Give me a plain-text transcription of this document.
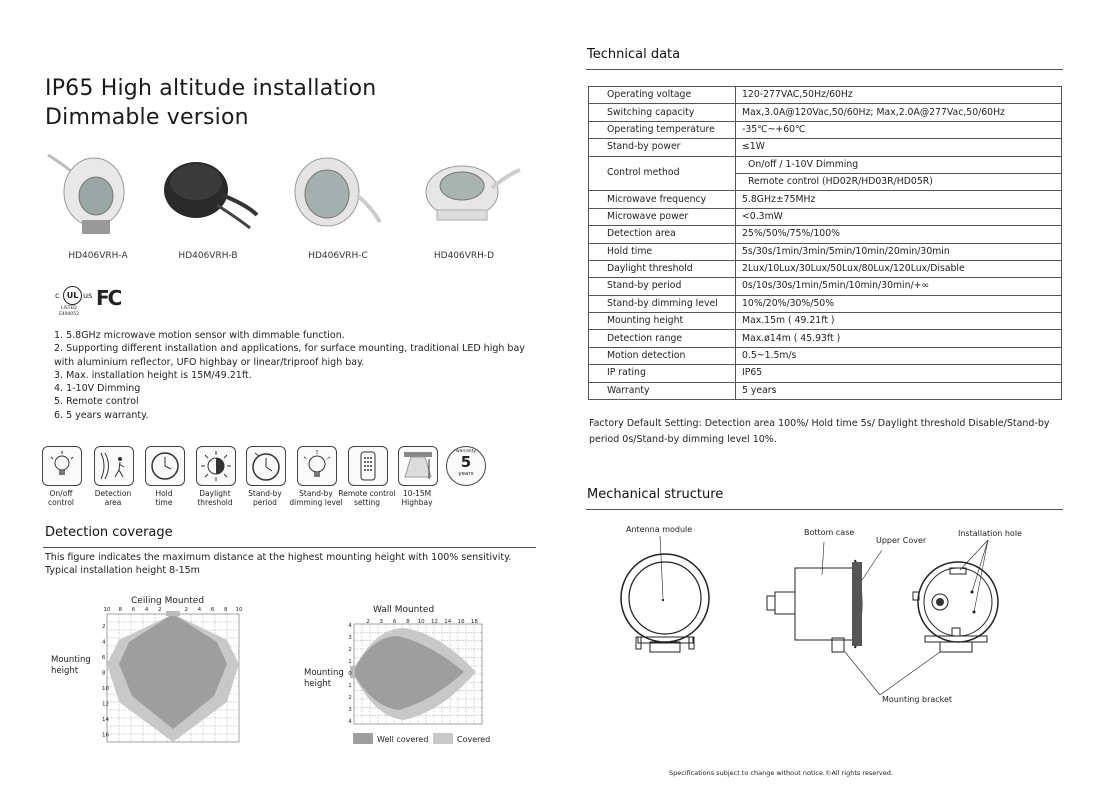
IP65 High altitude installation
Dimmable version
HD406VRH-A	HD406VRH-B	HD406VRH-C	HD406VRH-D
c UL us
LISTED
E494052
FC
1. 5.8GHz microwave motion sensor with dimmable function.
2. Supporting different installation and applications, for surface mounting, traditional LED high bay with aluminium reflector, UFO highbay or linear/triproof high bay.
3. Max. installation height is 15M/49.21ft.
4. 1-10V Dimming
5. Remote control
6. 5 years warranty.
On/off
control
Detection
area
Hold
time
Daylight
threshold
Stand-by
period
Stand-by
dimming level
Remote control
setting
10-15M
Highbay
warranty
5
years
Detection coverage
This figure indicates the maximum distance at the highest mounting height with 100% sensitivity.
Typical installation height 8-15m
Ceiling Mounted
Mounting
height
10 8 6 4 2	2 4 6 8 10
2
4
6
8
10
12
14
16
Wall Mounted
Mounting
height
2 3 6 8 10 12 14 16 18
4
3
2
1
0
1
2
3
4
Well covered	Covered
Technical data
Operating voltage	120-277VAC,50Hz/60Hz
Switching capacity	Max,3.0A@120Vac,50/60Hz; Max,2.0A@277Vac,50/60Hz
Operating temperature	-35℃~+60℃
Stand-by power	≤1W
Control method	On/off / 1-10V Dimming
	Remote control (HD02R/HD03R/HD05R)
Microwave frequency	5.8GHz±75MHz
Microwave power	<0.3mW
Detection area	25%/50%/75%/100%
Hold time	5s/30s/1min/3min/5min/10min/20min/30min
Daylight threshold	2Lux/10Lux/30Lux/50Lux/80Lux/120Lux/Disable
Stand-by period	0s/10s/30s/1min/5min/10min/30min/+∞
Stand-by dimming level	10%/20%/30%/50%
Mounting height	Max.15m ( 49.21ft )
Detection range	Max.ø14m ( 45.93ft )
Motion detection	0.5~1.5m/s
IP rating	IP65
Warranty	5 years
Factory Default Setting: Detection area 100%/ Hold time 5s/ Daylight threshold Disable/Stand-by
period 0s/Stand-by dimming level 10%.
Mechanical structure
Antenna module	Bottom case
Upper Cover
Installation hole
Mounting bracket
Specifications subject to change without notice.©All rights reserved.
